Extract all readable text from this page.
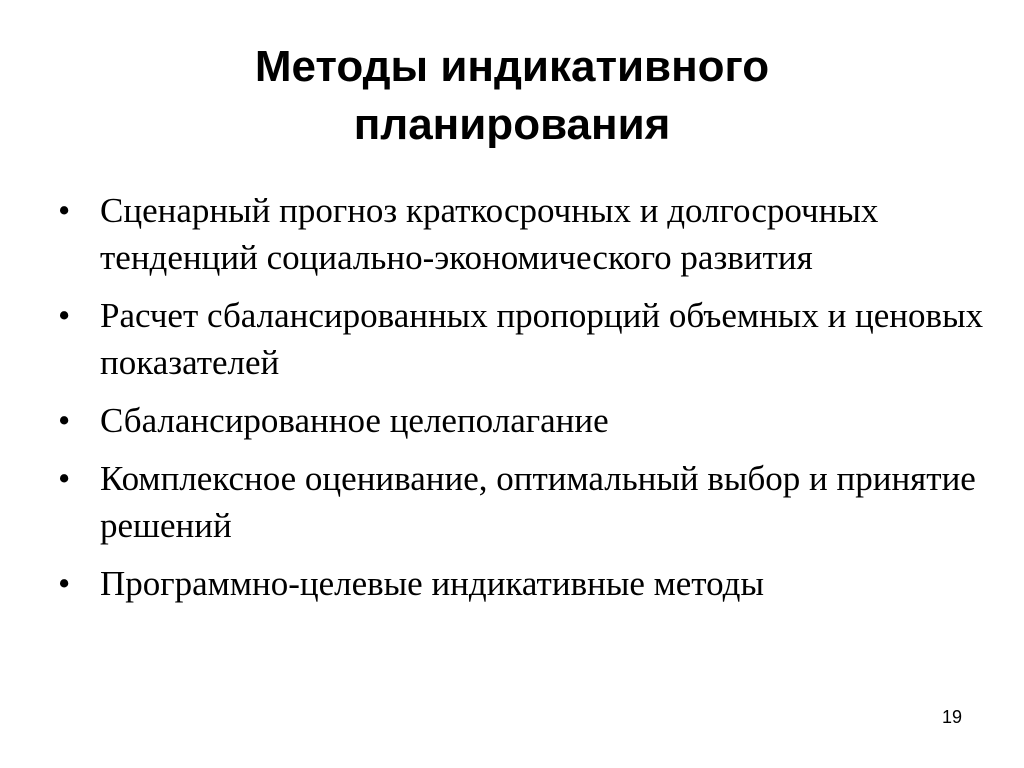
Методы индикативного
планирования
• Сценарный прогноз краткосрочных и долгосрочных тенденций социально-экономического развития
• Расчет сбалансированных пропорций объемных и ценовых показателей
• Сбалансированное целеполагание
• Комплексное оценивание, оптимальный выбор и принятие решений
• Программно-целевые индикативные методы
19
